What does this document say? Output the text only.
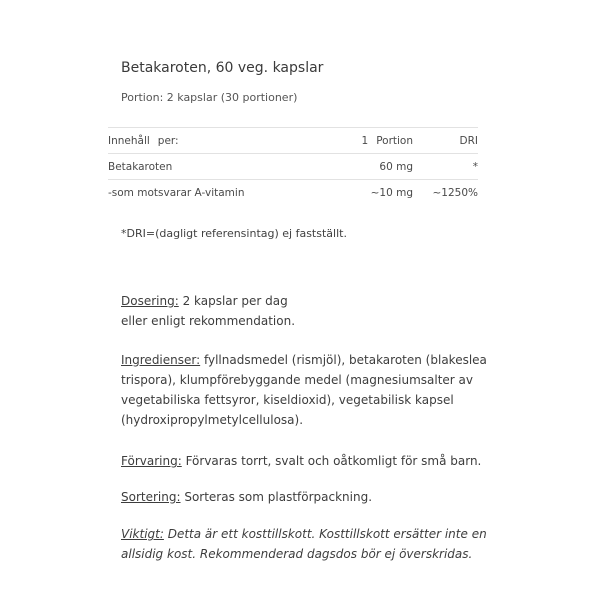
Betakaroten, 60 veg. kapslar

Portion: 2 kapslar (30 portioner)

Innehåll per:	1 Portion	DRI
Betakaroten	60 mg	*
-som motsvarar A-vitamin	~10 mg	~1250%

*DRI=(dagligt referensintag) ej fastställt.

Dosering: 2 kapslar per dag
eller enligt rekommendation.

Ingredienser: fyllnadsmedel (rismjöl), betakaroten (blakeslea trispora), klumpförebyggande medel (magnesiumsalter av vegetabiliska fettsyror, kiseldioxid), vegetabilisk kapsel (hydroxipropylmetylcellulosa).

Förvaring: Förvaras torrt, svalt och oåtkomligt för små barn.

Sortering: Sorteras som plastförpackning.

Viktigt: Detta är ett kosttillskott. Kosttillskott ersätter inte en allsidig kost. Rekommenderad dagsdos bör ej överskridas.
